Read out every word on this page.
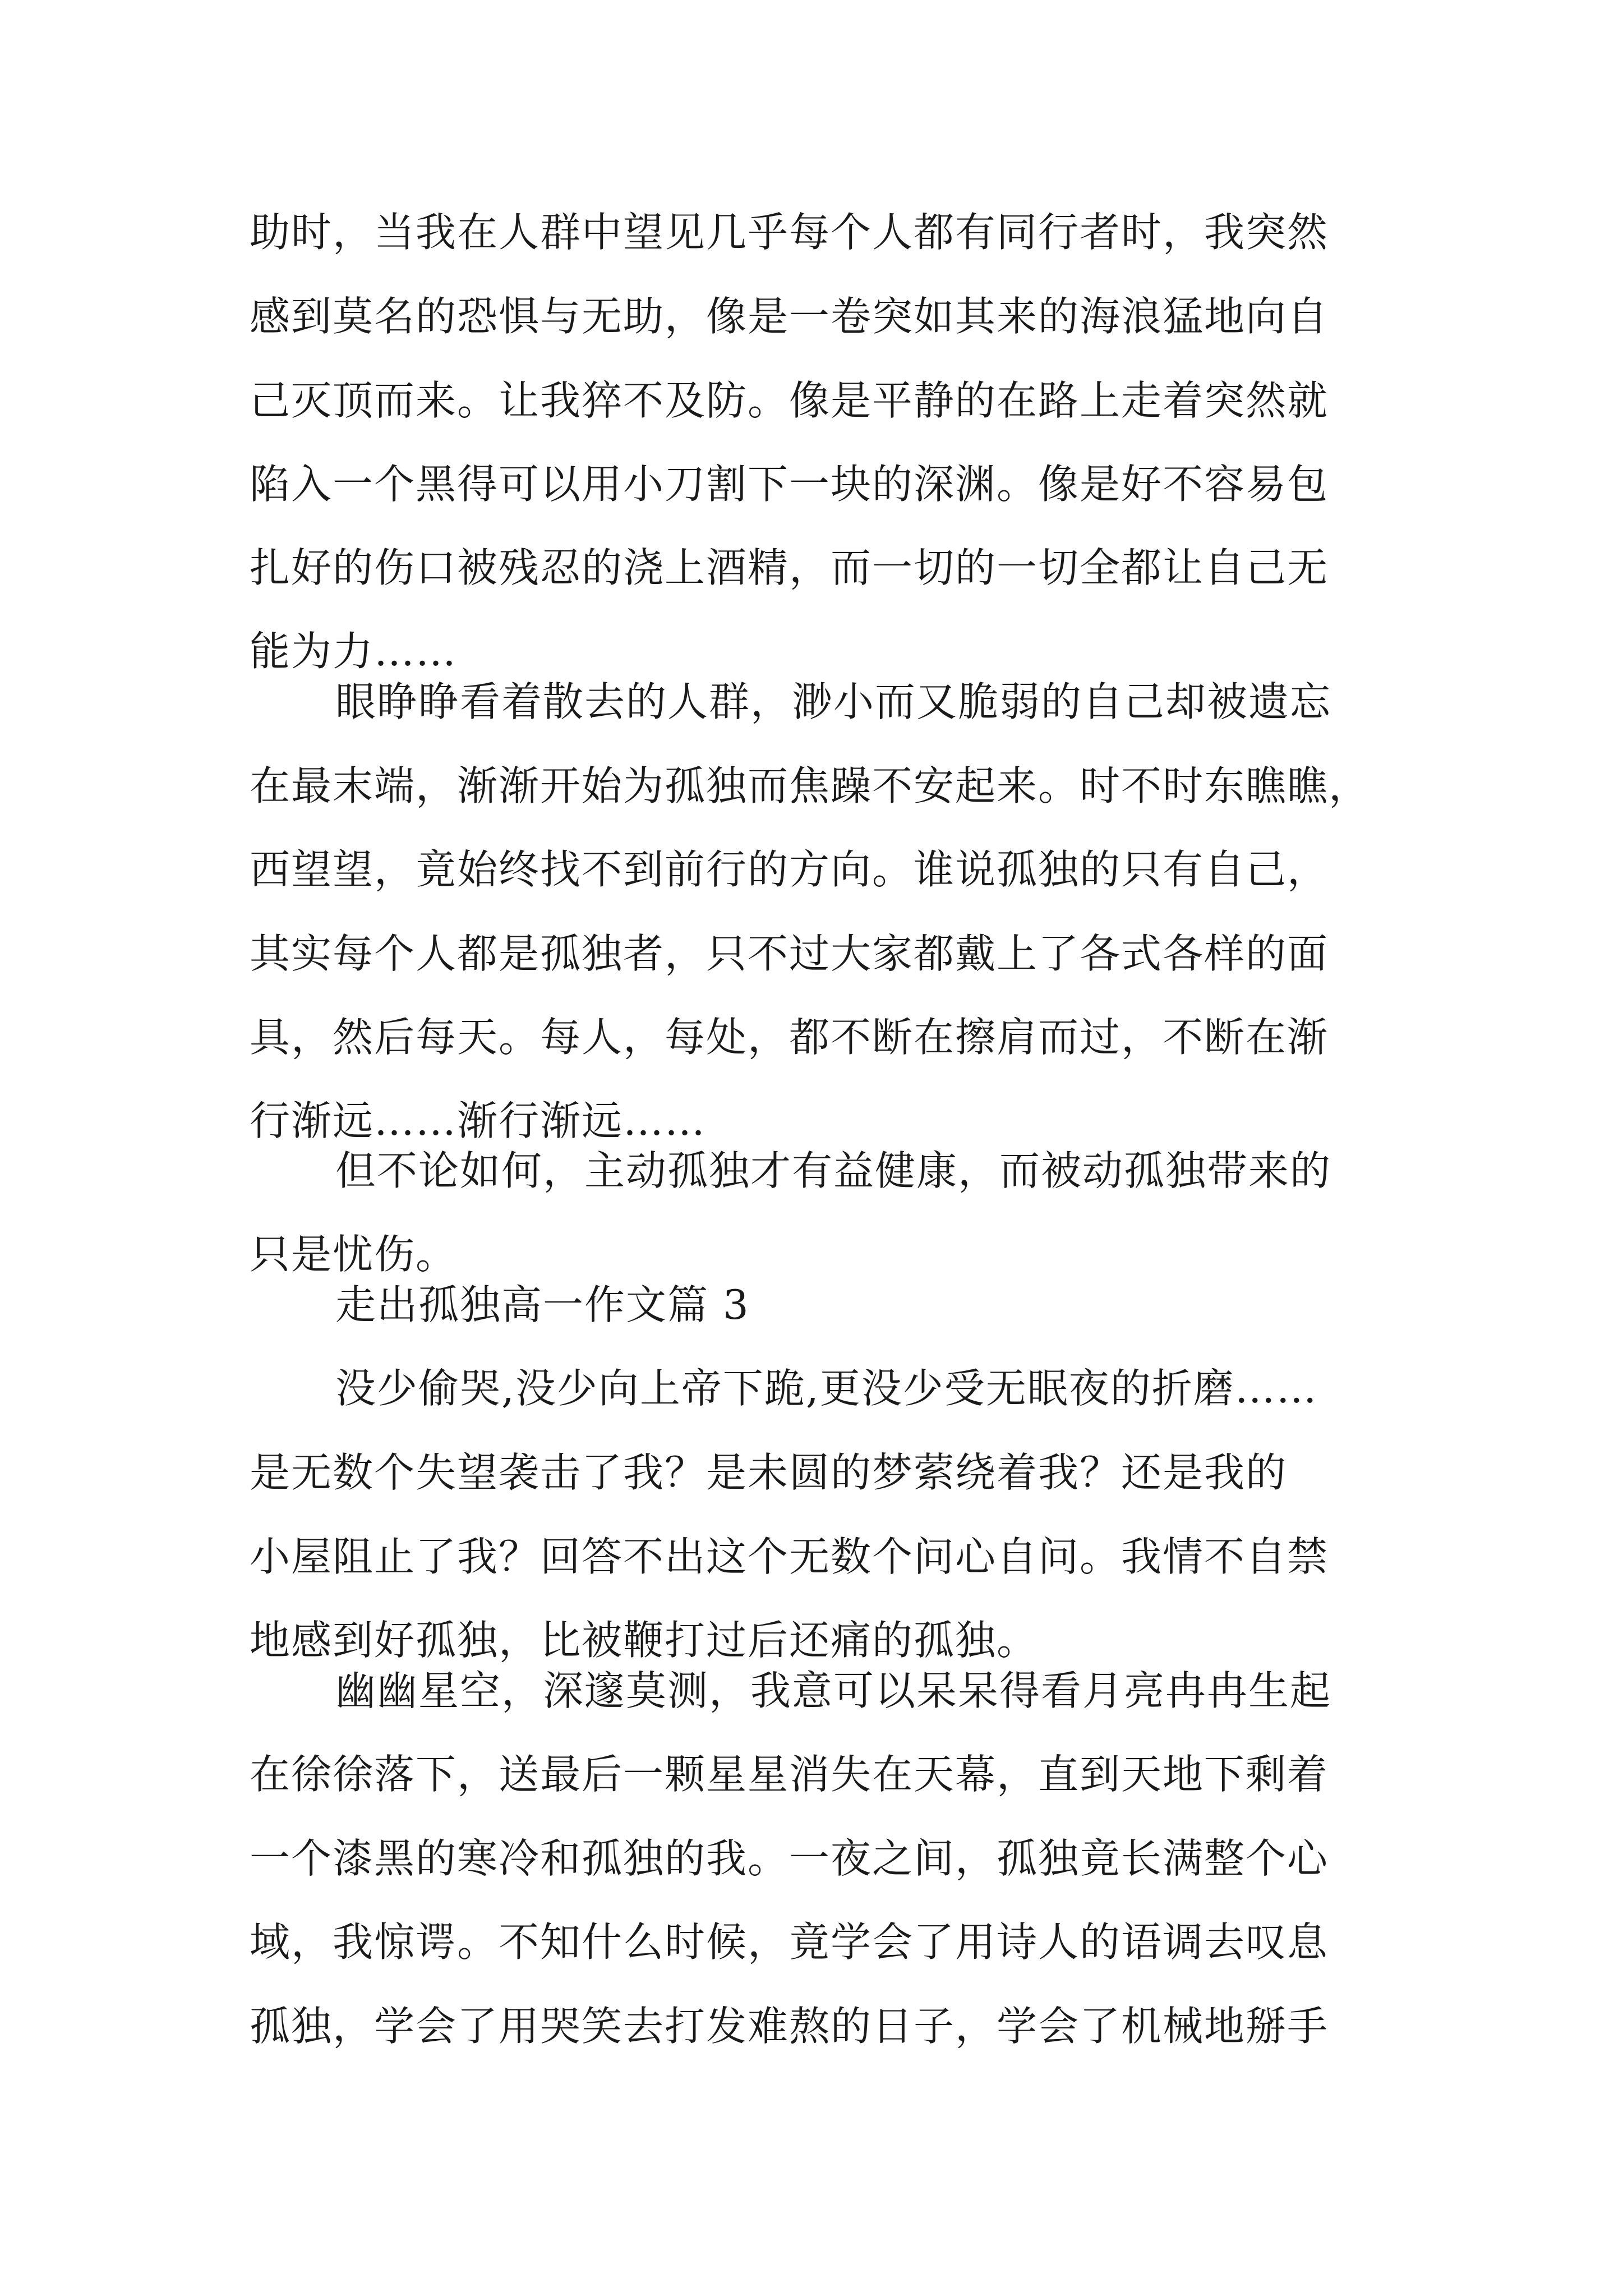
助时，当我在人群中望见几乎每个人都有同行者时，我突然

感到莫名的恐惧与无助，像是一卷突如其来的海浪猛地向自

己灭顶而来。让我猝不及防。像是平静的在路上走着突然就

陷入一个黑得可以用小刀割下一块的深渊。像是好不容易包

扎好的伤口被残忍的浇上酒精，而一切的一切全都让自己无

能为力……

眼睁睁看着散去的人群，渺小而又脆弱的自己却被遗忘

在最末端，渐渐开始为孤独而焦躁不安起来。时不时东瞧瞧，

西望望，竟始终找不到前行的方向。谁说孤独的只有自己，

其实每个人都是孤独者，只不过大家都戴上了各式各样的面

具，然后每天。每人，每处，都不断在擦肩而过，不断在渐

行渐远……渐行渐远……

但不论如何，主动孤独才有益健康，而被动孤独带来的

只是忧伤。

走出孤独高一作文篇 3

没少偷哭,没少向上帝下跪,更没少受无眠夜的折磨……

是无数个失望袭击了我？是未圆的梦萦绕着我？还是我的

小屋阻止了我？回答不出这个无数个问心自问。我情不自禁

地感到好孤独，比被鞭打过后还痛的孤独。

幽幽星空，深邃莫测，我意可以呆呆得看月亮冉冉生起

在徐徐落下，送最后一颗星星消失在天幕，直到天地下剩着

一个漆黑的寒冷和孤独的我。一夜之间，孤独竟长满整个心

域，我惊谔。不知什么时候，竟学会了用诗人的语调去叹息

孤独，学会了用哭笑去打发难熬的日子，学会了机械地掰手
